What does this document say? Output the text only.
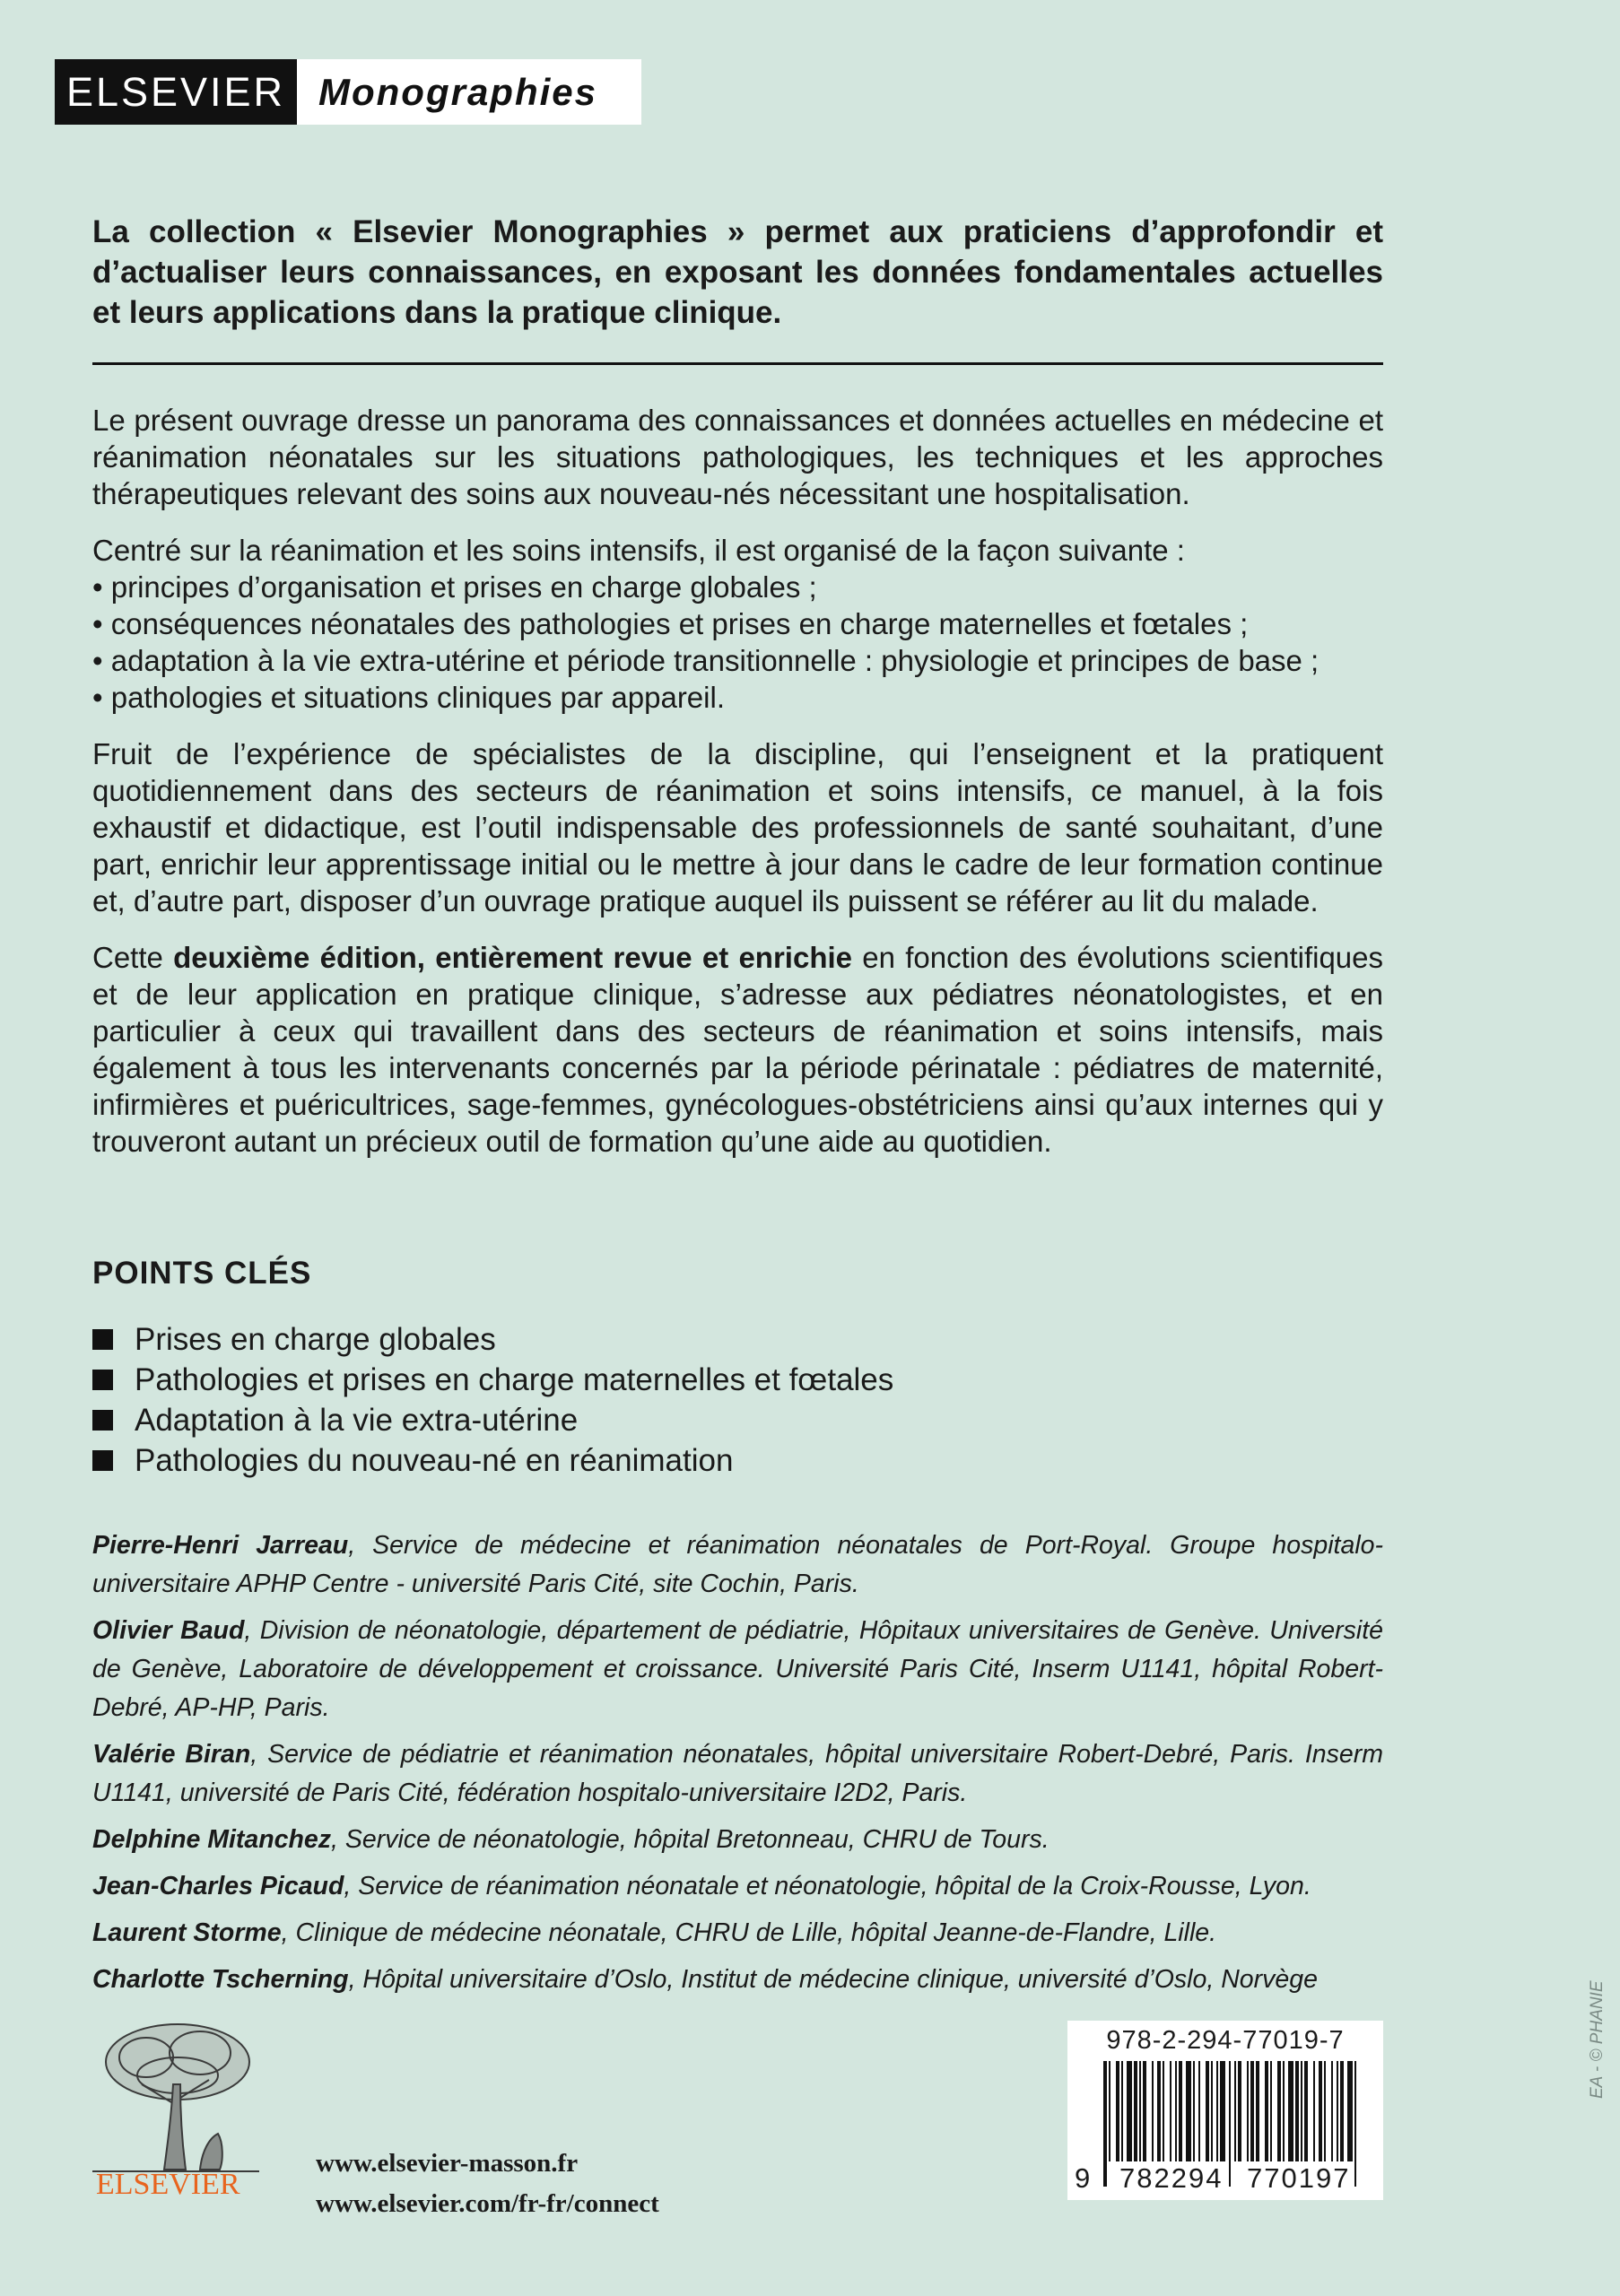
ELSEVIER Monographies
La collection « Elsevier Monographies » permet aux praticiens d’approfondir et d’actualiser leurs connaissances, en exposant les données fondamentales actuelles et leurs applications dans la pratique clinique.

Le présent ouvrage dresse un panorama des connaissances et données actuelles en médecine et réanimation néonatales sur les situations pathologiques, les techniques et les approches thérapeutiques relevant des soins aux nouveau-nés nécessitant une hospitalisation.

Centré sur la réanimation et les soins intensifs, il est organisé de la façon suivante :
• principes d’organisation et prises en charge globales ;
• conséquences néonatales des pathologies et prises en charge maternelles et fœtales ;
• adaptation à la vie extra-utérine et période transitionnelle : physiologie et principes de base ;
• pathologies et situations cliniques par appareil.

Fruit de l’expérience de spécialistes de la discipline, qui l’enseignent et la pratiquent quotidiennement dans des secteurs de réanimation et soins intensifs, ce manuel, à la fois exhaustif et didactique, est l’outil indispensable des professionnels de santé souhaitant, d’une part, enrichir leur apprentissage initial ou le mettre à jour dans le cadre de leur formation continue et, d’autre part, disposer d’un ouvrage pratique auquel ils puissent se référer au lit du malade.

Cette deuxième édition, entièrement revue et enrichie en fonction des évolutions scientifiques et de leur application en pratique clinique, s’adresse aux pédiatres néonatologistes, et en particulier à ceux qui travaillent dans des secteurs de réanimation et soins intensifs, mais également à tous les intervenants concernés par la période périnatale : pédiatres de maternité, infirmières et puéricultrices, sage-femmes, gynécologues-obstétriciens ainsi qu’aux internes qui y trouveront autant un précieux outil de formation qu’une aide au quotidien.

POINTS CLÉS
Prises en charge globales
Pathologies et prises en charge maternelles et fœtales
Adaptation à la vie extra-utérine
Pathologies du nouveau-né en réanimation

Pierre-Henri Jarreau, Service de médecine et réanimation néonatales de Port-Royal. Groupe hospitalo-universitaire APHP Centre - université Paris Cité, site Cochin, Paris.

Olivier Baud, Division de néonatologie, département de pédiatrie, Hôpitaux universitaires de Genève. Université de Genève, Laboratoire de développement et croissance. Université Paris Cité, Inserm U1141, hôpital Robert-Debré, AP-HP, Paris.

Valérie Biran, Service de pédiatrie et réanimation néonatales, hôpital universitaire Robert-Debré, Paris. Inserm U1141, université de Paris Cité, fédération hospitalo-universitaire I2D2, Paris.

Delphine Mitanchez, Service de néonatologie, hôpital Bretonneau, CHRU de Tours.

Jean-Charles Picaud, Service de réanimation néonatale et néonatologie, hôpital de la Croix-Rousse, Lyon.

Laurent Storme, Clinique de médecine néonatale, CHRU de Lille, hôpital Jeanne-de-Flandre, Lille.

Charlotte Tscherning, Hôpital universitaire d’Oslo, Institut de médecine clinique, université d’Oslo, Norvège

ELSEVIER
www.elsevier-masson.fr
www.elsevier.com/fr-fr/connect
978-2-294-77019-7
9 782294 770197
EA - © PHANIE
